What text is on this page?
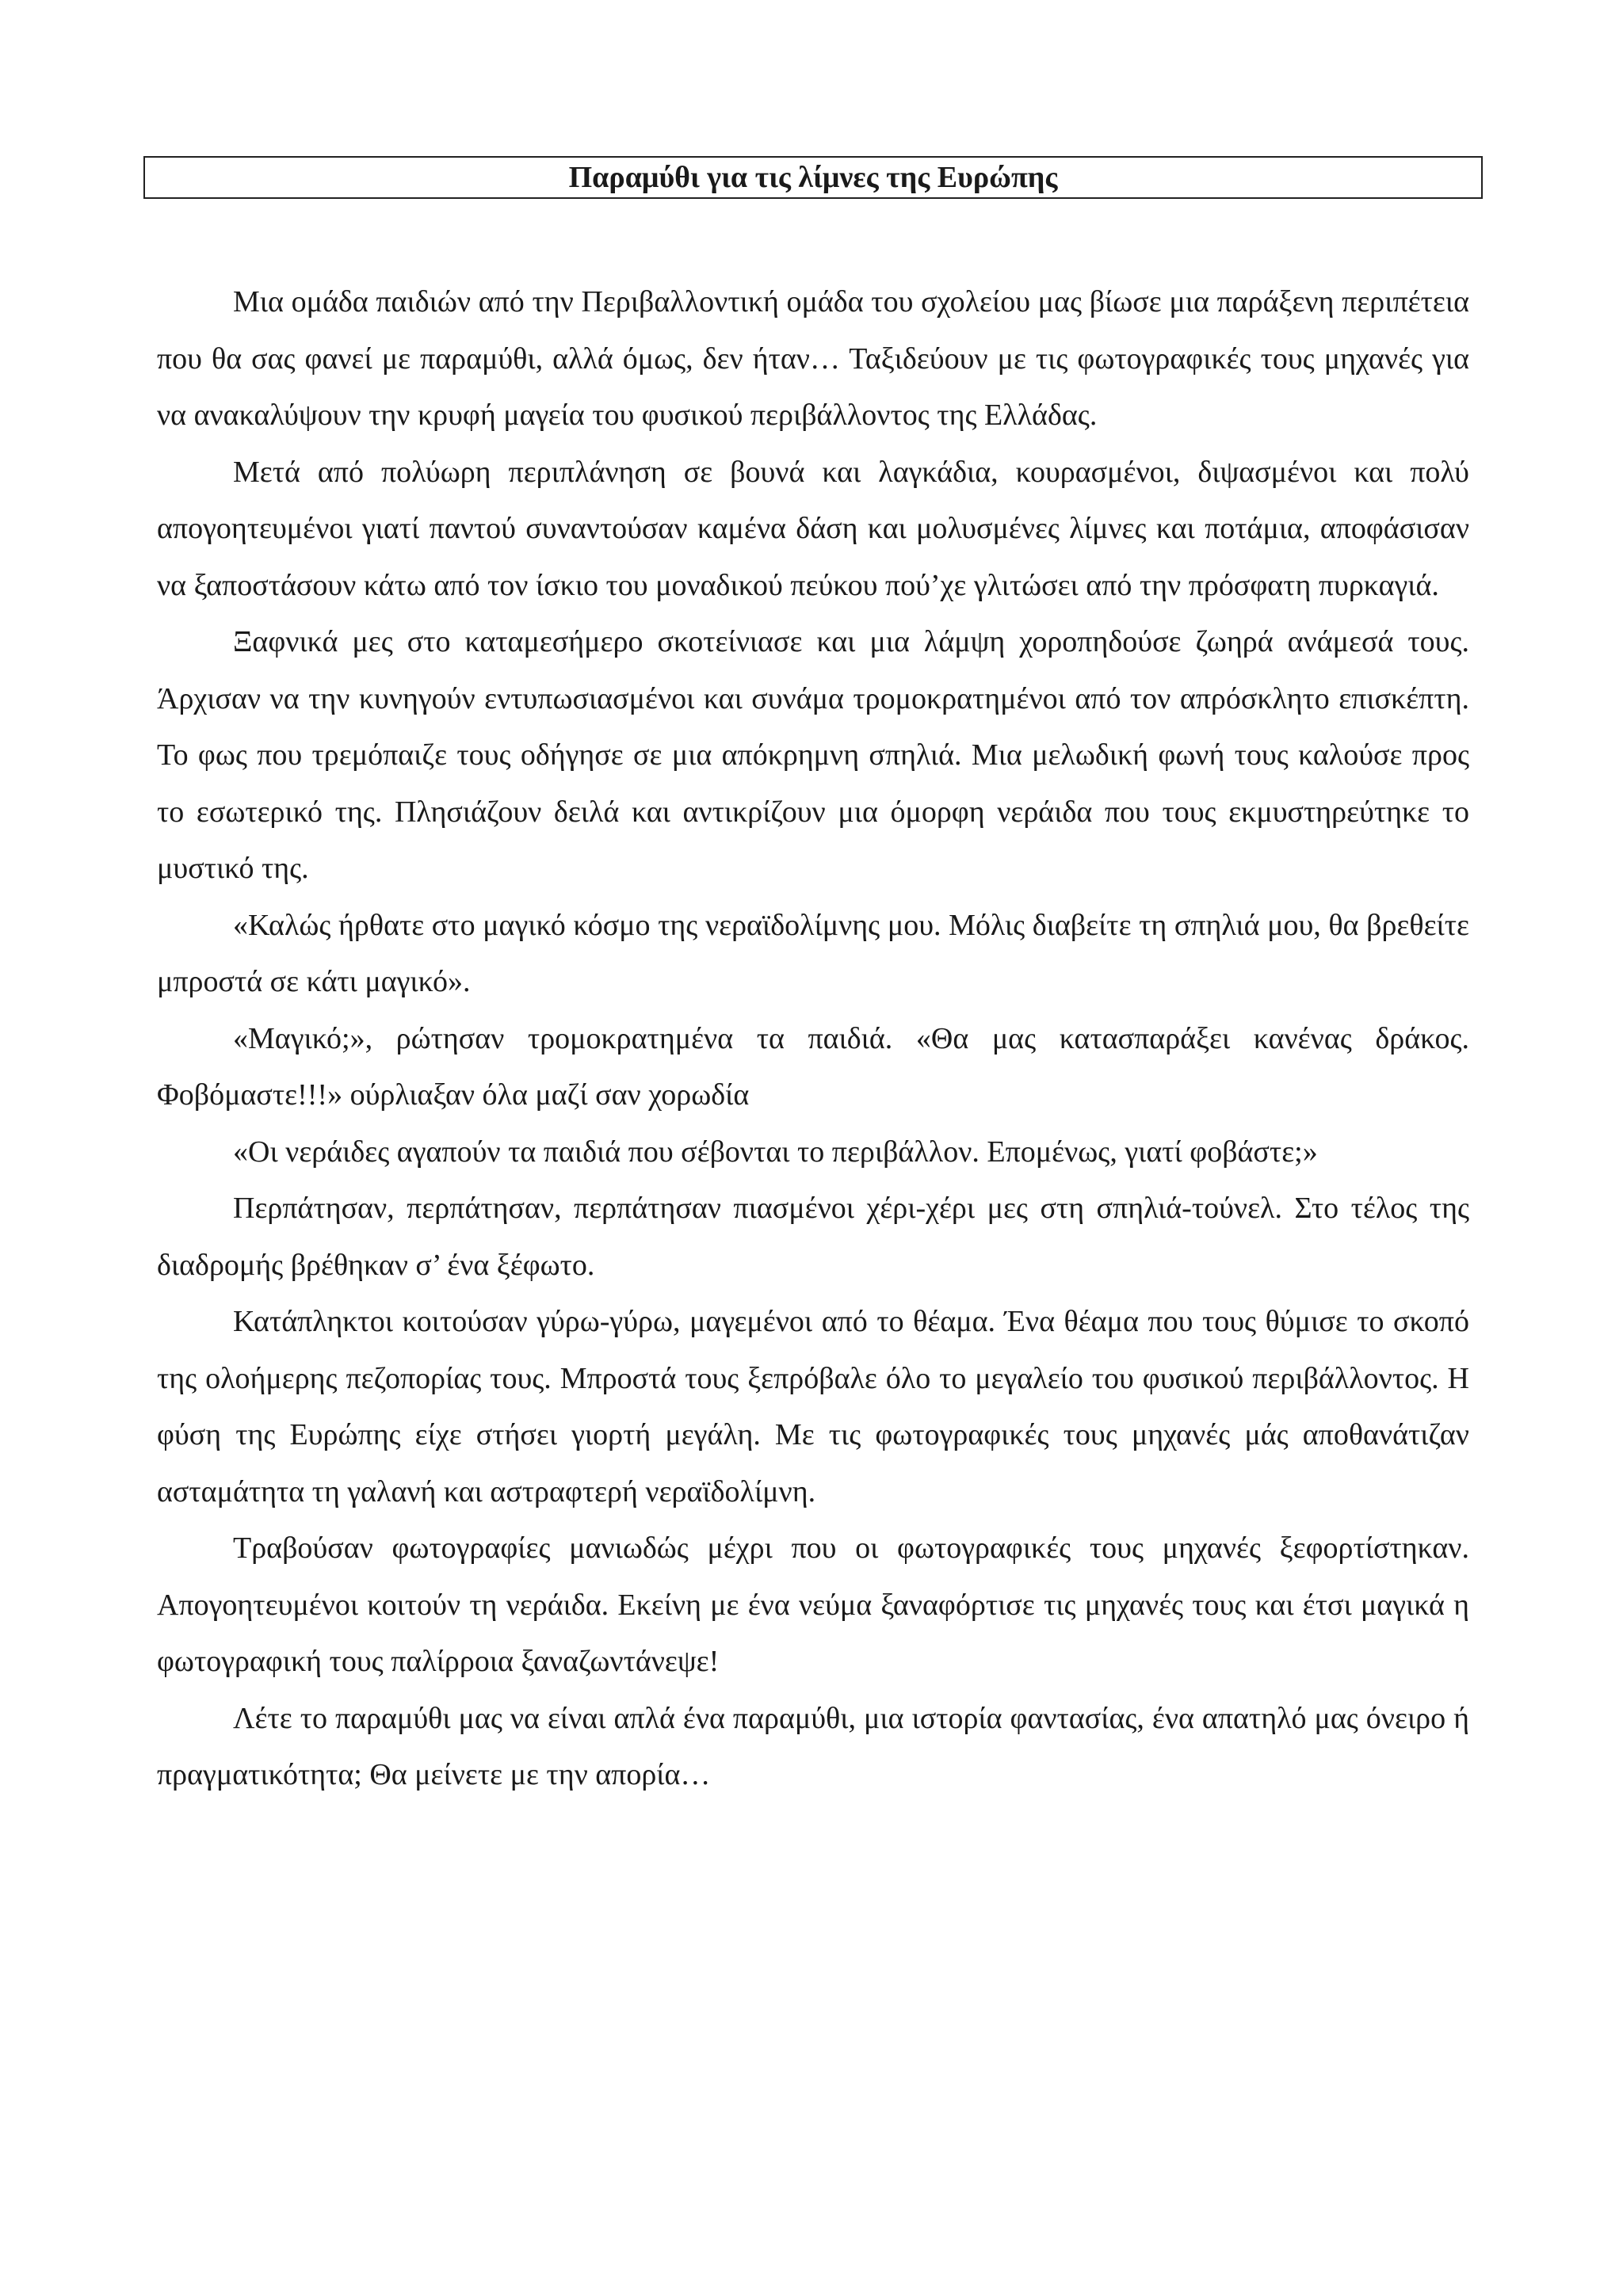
Παραμύθι για τις λίμνες της Ευρώπης

Μια ομάδα παιδιών από την Περιβαλλοντική ομάδα του σχολείου μας βίωσε μια παράξενη περιπέτεια που θα σας φανεί με παραμύθι, αλλά όμως, δεν ήταν… Ταξιδεύουν με τις φωτογραφικές τους μηχανές για να ανακαλύψουν την κρυφή μαγεία του φυσικού περιβάλλοντος της Ελλάδας.

Μετά από πολύωρη περιπλάνηση σε βουνά και λαγκάδια, κουρασμένοι, διψασμένοι και πολύ απογοητευμένοι γιατί παντού συναντούσαν καμένα δάση και μολυσμένες λίμνες και ποτάμια, αποφάσισαν να ξαποστάσουν κάτω από τον ίσκιο του μοναδικού πεύκου πού’χε γλιτώσει από την πρόσφατη πυρκαγιά.

Ξαφνικά μες στο καταμεσήμερο σκοτείνιασε και μια λάμψη χοροπηδούσε ζωηρά ανάμεσά τους. Άρχισαν να την κυνηγούν εντυπωσιασμένοι και συνάμα τρομοκρατημένοι από τον απρόσκλητο επισκέπτη. Το φως που τρεμόπαιζε τους οδήγησε σε μια απόκρημνη σπηλιά. Μια μελωδική φωνή τους καλούσε προς το εσωτερικό της. Πλησιάζουν δειλά και αντικρίζουν μια όμορφη νεράιδα που τους εκμυστηρεύτηκε το μυστικό της.

«Καλώς ήρθατε στο μαγικό κόσμο της νεραϊδολίμνης μου. Μόλις διαβείτε τη σπηλιά μου, θα βρεθείτε μπροστά σε κάτι μαγικό».

«Μαγικό;», ρώτησαν τρομοκρατημένα τα παιδιά. «Θα μας κατασπαράξει κανένας δράκος. Φοβόμαστε!!!» ούρλιαξαν όλα μαζί σαν χορωδία

«Οι νεράιδες αγαπούν τα παιδιά που σέβονται το περιβάλλον. Επομένως, γιατί φοβάστε;»

Περπάτησαν, περπάτησαν, περπάτησαν πιασμένοι χέρι-χέρι μες στη σπηλιά-τούνελ. Στο τέλος της διαδρομής βρέθηκαν σ’ ένα ξέφωτο.

Κατάπληκτοι κοιτούσαν γύρω-γύρω, μαγεμένοι από το θέαμα. Ένα θέαμα που τους θύμισε το σκοπό της ολοήμερης πεζοπορίας τους. Μπροστά τους ξεπρόβαλε όλο το μεγαλείο του φυσικού περιβάλλοντος. Η φύση της Ευρώπης είχε στήσει γιορτή μεγάλη. Με τις φωτογραφικές τους μηχανές μάς αποθανάτιζαν ασταμάτητα τη γαλανή και αστραφτερή νεραϊδολίμνη.

Τραβούσαν φωτογραφίες μανιωδώς μέχρι που οι φωτογραφικές τους μηχανές ξεφορτίστηκαν. Απογοητευμένοι κοιτούν τη νεράιδα. Εκείνη με ένα νεύμα ξαναφόρτισε τις μηχανές τους και έτσι μαγικά η φωτογραφική τους παλίρροια ξαναζωντάνεψε!

Λέτε το παραμύθι μας να είναι απλά ένα παραμύθι, μια ιστορία φαντασίας, ένα απατηλό μας όνειρο ή πραγματικότητα; Θα μείνετε με την απορία…
